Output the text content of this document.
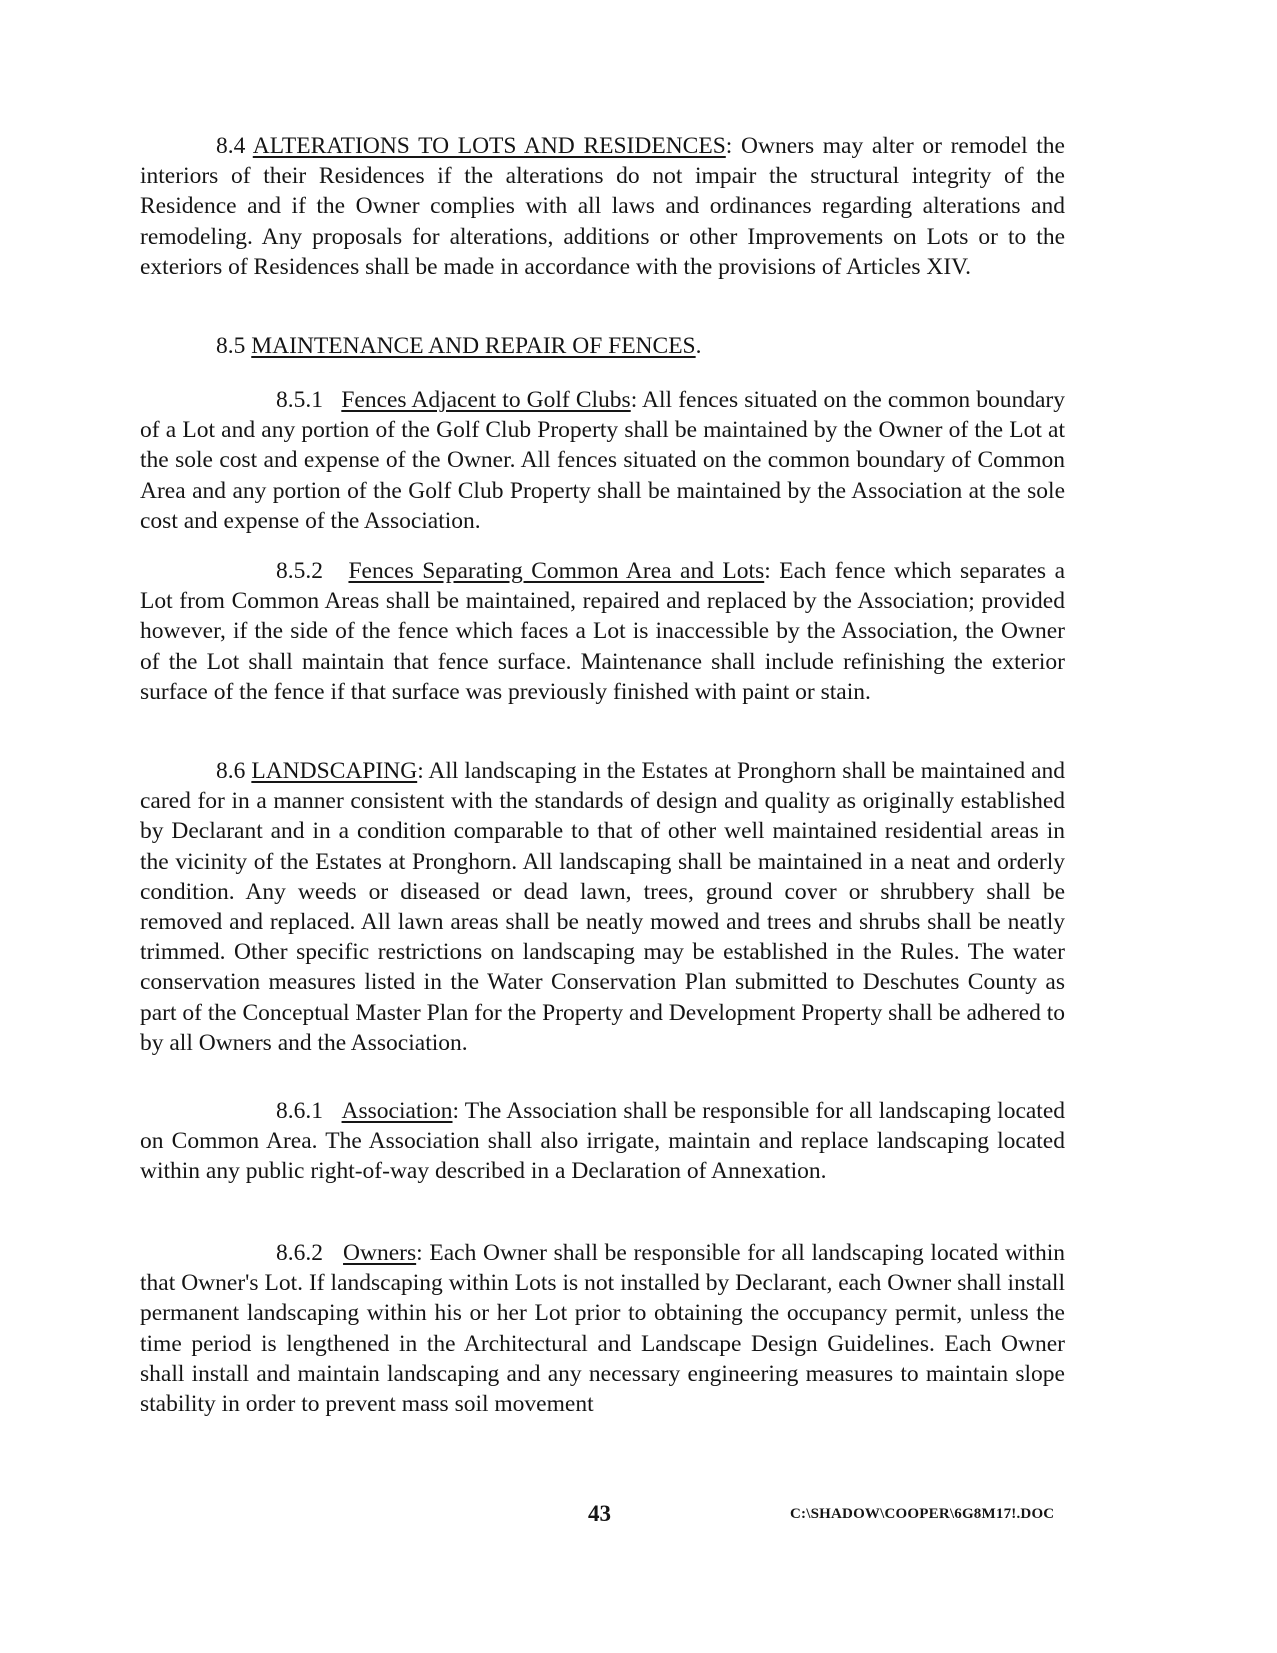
8.4 ALTERATIONS TO LOTS AND RESIDENCES: Owners may alter or remodel the interiors of their Residences if the alterations do not impair the structural integrity of the Residence and if the Owner complies with all laws and ordinances regarding alterations and remodeling. Any proposals for alterations, additions or other Improvements on Lots or to the exteriors of Residences shall be made in accordance with the provisions of Articles XIV.

8.5 MAINTENANCE AND REPAIR OF FENCES.

8.5.1 Fences Adjacent to Golf Clubs: All fences situated on the common boundary of a Lot and any portion of the Golf Club Property shall be maintained by the Owner of the Lot at the sole cost and expense of the Owner. All fences situated on the common boundary of Common Area and any portion of the Golf Club Property shall be maintained by the Association at the sole cost and expense of the Association.

8.5.2 Fences Separating Common Area and Lots: Each fence which separates a Lot from Common Areas shall be maintained, repaired and replaced by the Association; provided however, if the side of the fence which faces a Lot is inaccessible by the Association, the Owner of the Lot shall maintain that fence surface. Maintenance shall include refinishing the exterior surface of the fence if that surface was previously finished with paint or stain.

8.6 LANDSCAPING: All landscaping in the Estates at Pronghorn shall be maintained and cared for in a manner consistent with the standards of design and quality as originally established by Declarant and in a condition comparable to that of other well maintained residential areas in the vicinity of the Estates at Pronghorn. All landscaping shall be maintained in a neat and orderly condition. Any weeds or diseased or dead lawn, trees, ground cover or shrubbery shall be removed and replaced. All lawn areas shall be neatly mowed and trees and shrubs shall be neatly trimmed. Other specific restrictions on landscaping may be established in the Rules. The water conservation measures listed in the Water Conservation Plan submitted to Deschutes County as part of the Conceptual Master Plan for the Property and Development Property shall be adhered to by all Owners and the Association.

8.6.1 Association: The Association shall be responsible for all landscaping located on Common Area. The Association shall also irrigate, maintain and replace landscaping located within any public right-of-way described in a Declaration of Annexation.

8.6.2 Owners: Each Owner shall be responsible for all landscaping located within that Owner's Lot. If landscaping within Lots is not installed by Declarant, each Owner shall install permanent landscaping within his or her Lot prior to obtaining the occupancy permit, unless the time period is lengthened in the Architectural and Landscape Design Guidelines. Each Owner shall install and maintain landscaping and any necessary engineering measures to maintain slope stability in order to prevent mass soil movement

43	C:\SHADOW\COOPER\6G8M17!.DOC
